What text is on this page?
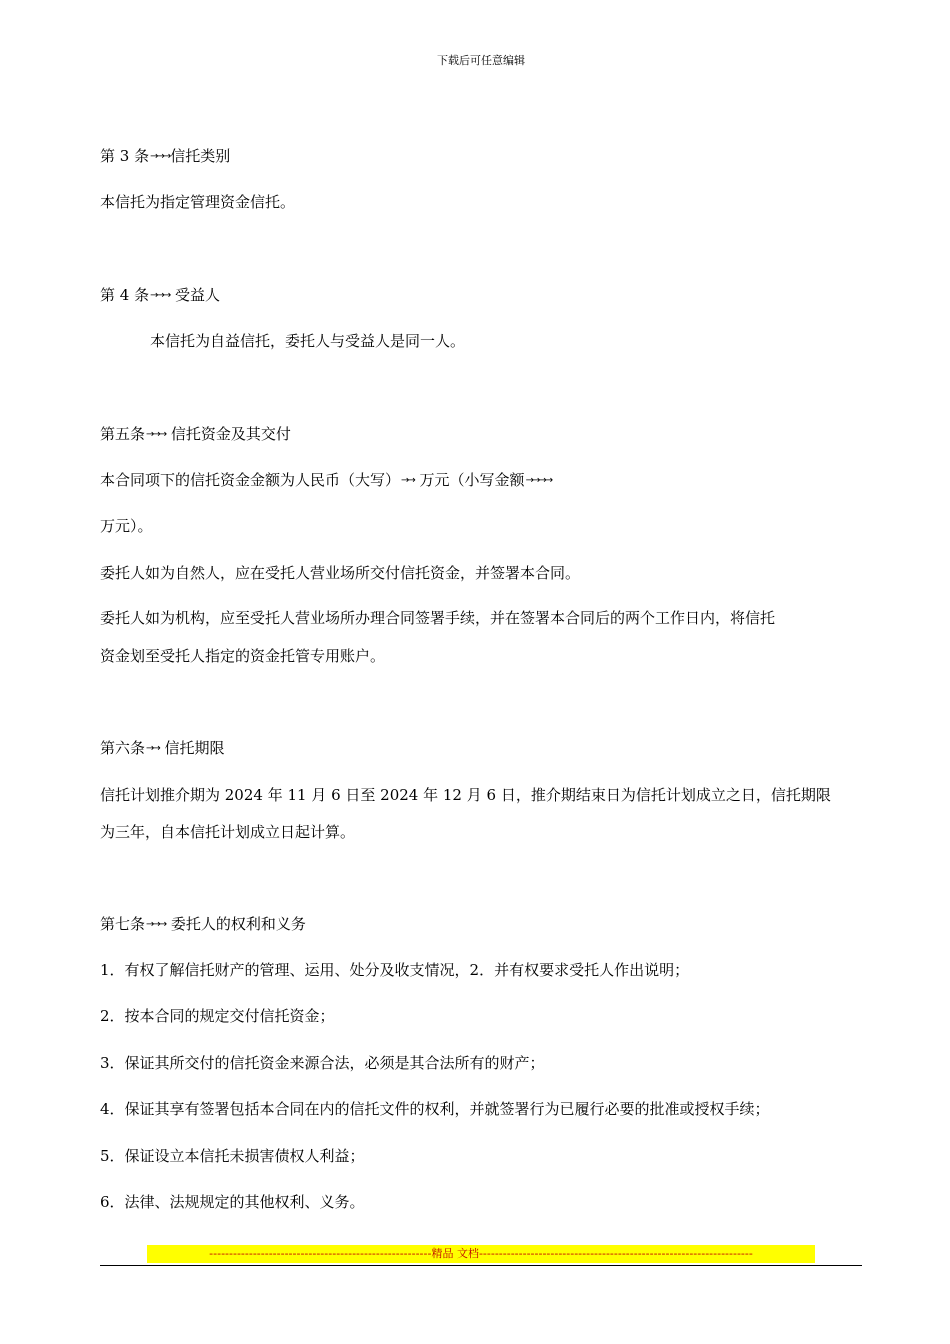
下载后可任意编辑
第 3 条→→→信托类别
本信托为指定管理资金信托。
第 4 条→→→ 受益人
本信托为自益信托，委托人与受益人是同一人。
第五条→→→ 信托资金及其交付
本合同项下的信托资金金额为人民币（大写）→→ 万元（小写金额→→→→
万元）。
委托人如为自然人，应在受托人营业场所交付信托资金，并签署本合同。
委托人如为机构，应至受托人营业场所办理合同签署手续，并在签署本合同后的两个工作日内，将信托
资金划至受托人指定的资金托管专用账户。
第六条→→ 信托期限
信托计划推介期为 2024 年 11 月 6 日至 2024 年 12 月 6 日，推介期结束日为信托计划成立之日，信托期限
为三年，自本信托计划成立日起计算。
第七条→→→ 委托人的权利和义务
1．有权了解信托财产的管理、运用、处分及收支情况，2．并有权要求受托人作出说明；
2．按本合同的规定交付信托资金；
3．保证其所交付的信托资金来源合法，必须是其合法所有的财产；
4．保证其享有签署包括本合同在内的信托文件的权利，并就签署行为已履行必要的批准或授权手续；
5．保证设立本信托未损害债权人利益；
6．法律、法规规定的其他权利、义务。
--------------------------------------------------------精品 文档---------------------------------------------------------------------
